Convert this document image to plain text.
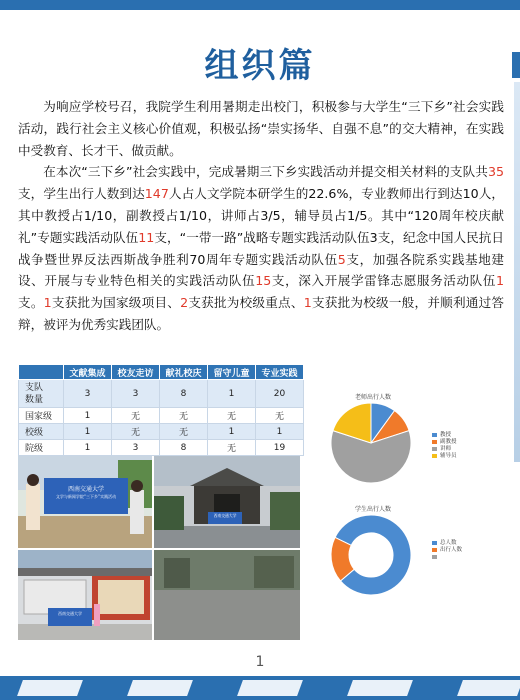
组织篇

为响应学校号召，我院学生利用暑期走出校门，积极参与大学生“三下乡”社会实践活动，践行社会主义核心价值观，积极弘扬“崇实扬华、自强不息”的交大精神，在实践中受教育、长才干、做贡献。

在本次“三下乡”社会实践中，完成暑期三下乡实践活动并提交相关材料的支队共35支，学生出行人数到达147人占人文学院本研学生的22.6%，专业教师出行到达10人，其中教授占1/10，副教授占1/10，讲师占3/5，辅导员占1/5。其中“120周年校庆献礼”专题实践活动队伍11支，“一带一路”战略专题实践活动队伍3支，纪念中国人民抗日战争暨世界反法西斯战争胜利70周年专题实践活动队伍5支，加强各院系实践基地建设、开展与专业特色相关的实践活动队伍15支，深入开展学雷锋志愿服务活动队伍1支。1支获批为国家级项目、2支获批为校级重点、1支获批为校级一般，并顺利通过答辩，被评为优秀实践团队。

	文献集成	校友走访	献礼校庆	留守儿童	专业实践
支队
数量	3	3	8	1	20
国家级	1	无	无	无	无
校级	1	无	无	1	1
院级	1	3	8	无	19
西南交通大学
文学与新闻学院“三下乡”实践活动
西南交通大学
西南交通大学
老师出行人数
教授
副教授
讲师
辅导员
学生出行人数
总人数
出行人数
1
